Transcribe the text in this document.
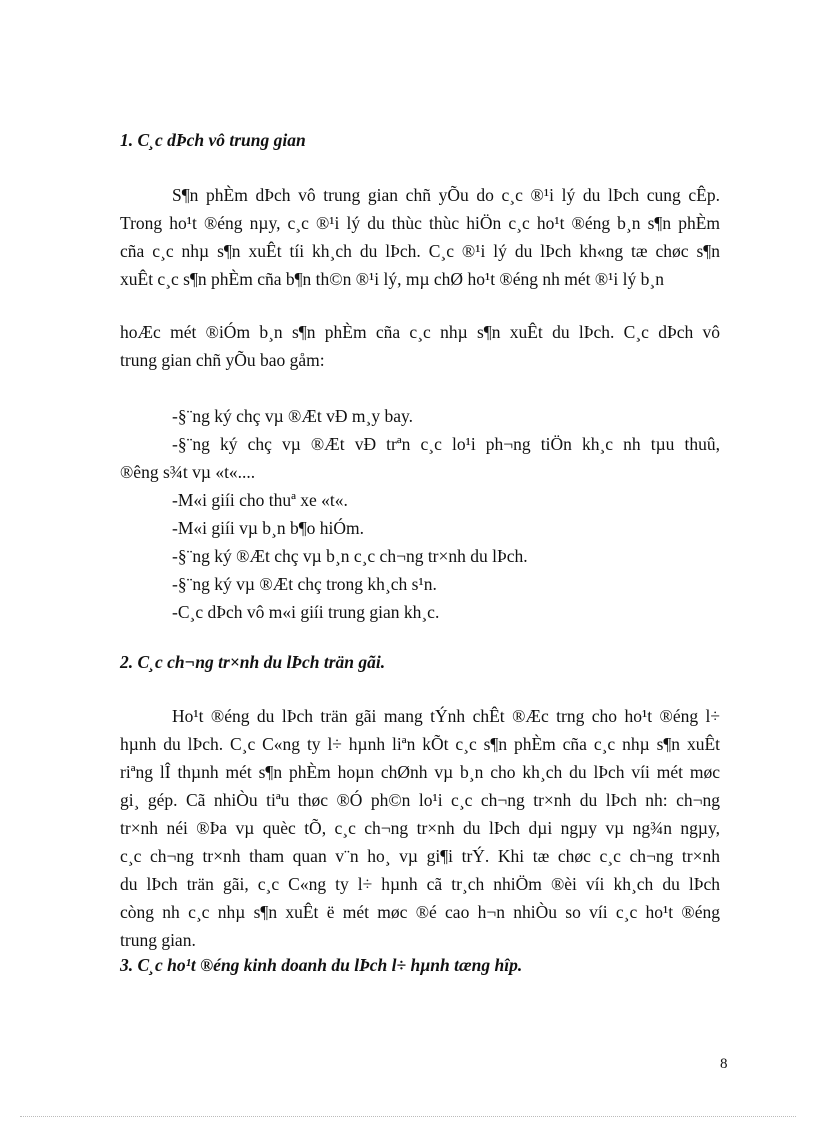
1. C¸c dÞch vô trung gian
S¶n phÈm dÞch vô trung gian chñ yÕu do c¸c ®¹i lý du lÞch cung cÊp.
Trong ho¹t ®éng nµy, c¸c ®¹i lý du thùc thùc hiÖn c¸c ho¹t ®éng b¸n s¶n phÈm
cña c¸c nhµ s¶n xuÊt tíi kh¸ch du lÞch. C¸c ®¹i lý du lÞch kh«ng tæ chøc s¶n
xuÊt c¸c s¶n phÈm cña b¶n th©n ®¹i lý, mµ chØ ho¹t ®éng nh mét ®¹i lý b¸n
hoÆc mét ®iÓm b¸n s¶n phÈm cña c¸c nhµ s¶n xuÊt du lÞch. C¸c dÞch vô
trung gian chñ yÕu bao gåm:
-§¨ng ký chç vµ ®Æt vÐ m¸y bay.
-§¨ng ký chç vµ ®Æt vÐ trªn c¸c lo¹i ph¬ng tiÖn kh¸c nh tµu thuû,
®êng s¾t vµ «t«....
-M«i giíi cho thuª xe «t«.
-M«i giíi vµ b¸n b¶o hiÓm.
-§¨ng ký ®Æt chç vµ b¸n c¸c ch¬ng tr×nh du lÞch.
-§¨ng ký vµ ®Æt chç trong kh¸ch s¹n.
-C¸c dÞch vô m«i giíi trung gian kh¸c.
2. C¸c ch¬ng tr×nh du lÞch trän gãi.
Ho¹t ®éng du lÞch trän gãi mang tÝnh chÊt ®Æc trng cho ho¹t ®éng l÷
hµnh du lÞch. C¸c C«ng ty l÷ hµnh liªn kÕt c¸c s¶n phÈm cña c¸c nhµ s¶n xuÊt
riªng lÎ thµnh mét s¶n phÈm hoµn chØnh vµ b¸n cho kh¸ch du lÞch víi mét møc
gi¸ gép. Cã nhiÒu tiªu thøc ®Ó ph©n lo¹i c¸c ch¬ng tr×nh du lÞch nh: ch¬ng
tr×nh néi ®Þa vµ quèc tÕ, c¸c ch¬ng tr×nh du lÞch dµi ngµy vµ ng¾n ngµy,
c¸c ch¬ng tr×nh tham quan v¨n ho¸ vµ gi¶i trÝ. Khi tæ chøc c¸c ch¬ng tr×nh
du lÞch trän gãi, c¸c C«ng ty l÷ hµnh cã tr¸ch nhiÖm ®èi víi kh¸ch du lÞch
còng nh c¸c nhµ s¶n xuÊt ë mét møc ®é cao h¬n nhiÒu so víi c¸c ho¹t ®éng
trung gian.
3. C¸c ho¹t ®éng kinh doanh du lÞch l÷ hµnh tæng hîp.
8
